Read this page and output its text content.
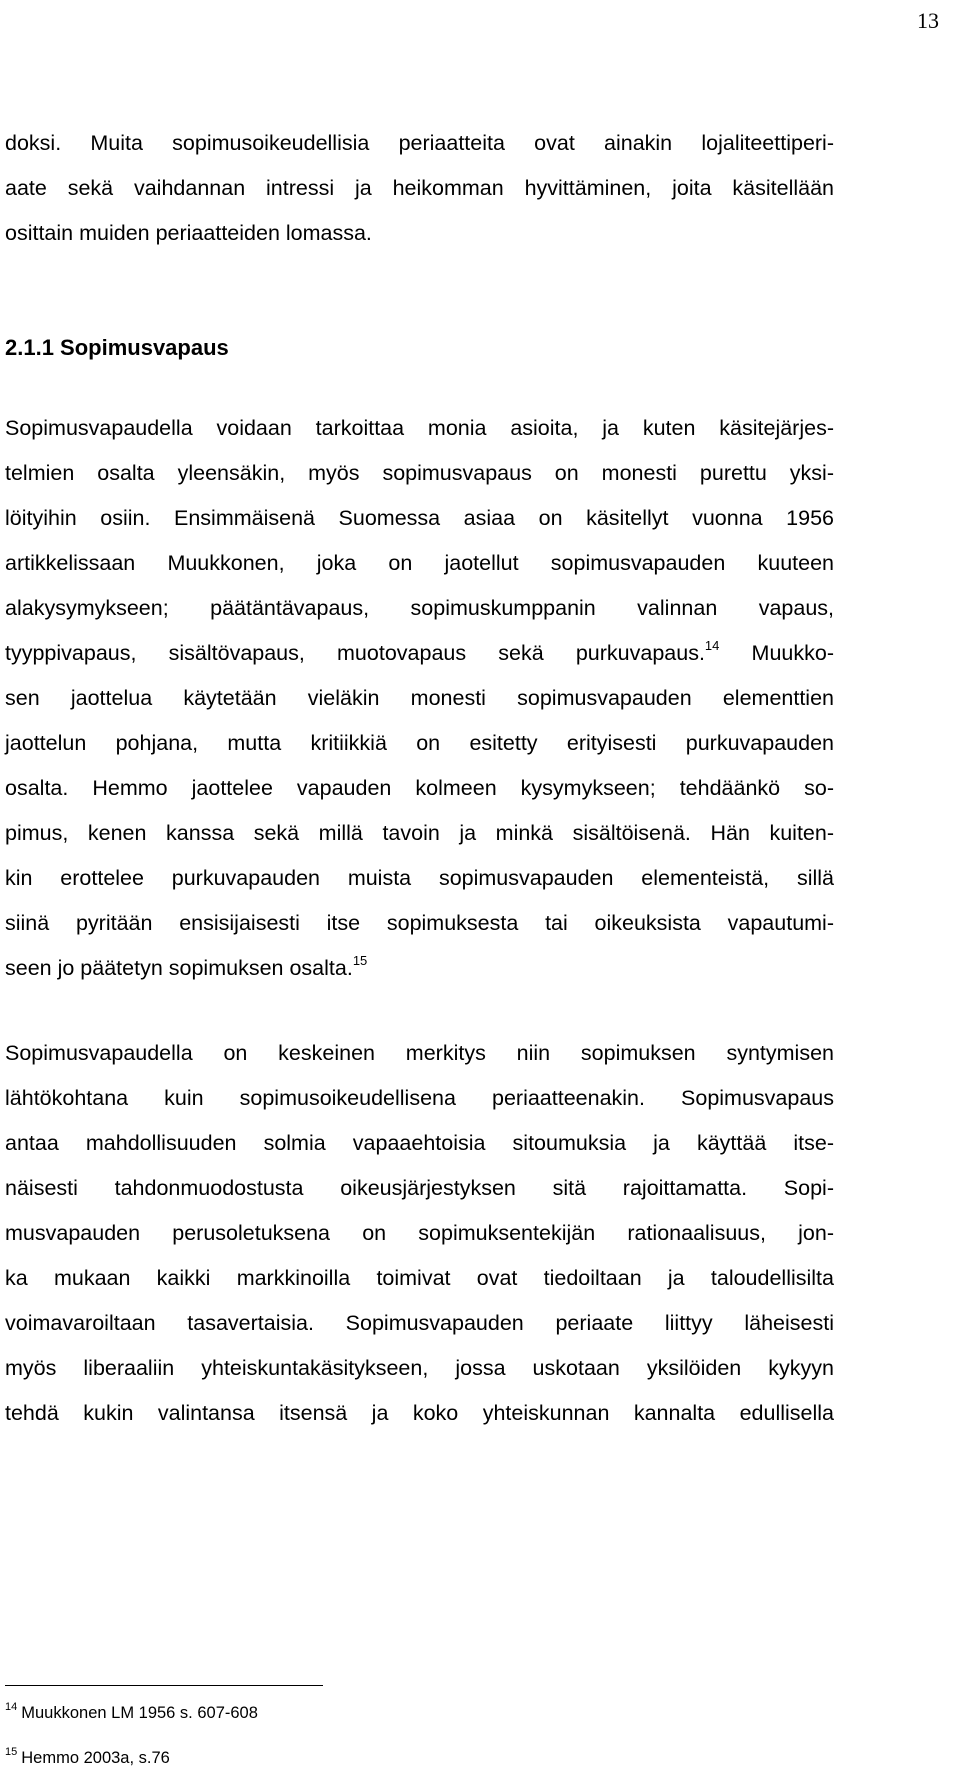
13
doksi. Muita sopimusoikeudellisia periaatteita ovat ainakin lojaliteettiperi-
aate sekä vaihdannan intressi ja heikomman hyvittäminen, joita käsitellään
osittain muiden periaatteiden lomassa.
2.1.1 Sopimusvapaus
Sopimusvapaudella voidaan tarkoittaa monia asioita, ja kuten käsitejärjes-
telmien osalta yleensäkin, myös sopimusvapaus on monesti purettu yksi-
löityihin osiin. Ensimmäisenä Suomessa asiaa on käsitellyt vuonna 1956
artikkelissaan Muukkonen, joka on jaotellut sopimusvapauden kuuteen
alakysymykseen; päätäntävapaus, sopimuskumppanin valinnan vapaus,
tyyppivapaus, sisältövapaus, muotovapaus sekä purkuvapaus.$^{14}$ Muukko-
sen jaottelua käytetään vieläkin monesti sopimusvapauden elementtien
jaottelun pohjana, mutta kritiikkiä on esitetty erityisesti purkuvapauden
osalta. Hemmo jaottelee vapauden kolmeen kysymykseen; tehdäänkö so-
pimus, kenen kanssa sekä millä tavoin ja minkä sisältöisenä. Hän kuiten-
kin erottelee purkuvapauden muista sopimusvapauden elementeistä, sillä
siinä pyritään ensisijaisesti itse sopimuksesta tai oikeuksista vapautumi-
seen jo päätetyn sopimuksen osalta.$^{15}$
Sopimusvapaudella on keskeinen merkitys niin sopimuksen syntymisen
lähtökohtana kuin sopimusoikeudellisena periaatteenakin. Sopimusvapaus
antaa mahdollisuuden solmia vapaaehtoisia sitoumuksia ja käyttää itse-
näisesti tahdonmuodostusta oikeusjärjestyksen sitä rajoittamatta. Sopi-
musvapauden perusoletuksena on sopimuksentekijän rationaalisuus, jon-
ka mukaan kaikki markkinoilla toimivat ovat tiedoiltaan ja taloudellisilta
voimavaroiltaan tasavertaisia. Sopimusvapauden periaate liittyy läheisesti
myös liberaaliin yhteiskuntakäsitykseen, jossa uskotaan yksilöiden kykyyn
tehdä kukin valintansa itsensä ja koko yhteiskunnan kannalta edullisella
$^{14}$ Muukkonen LM 1956 s. 607-608
$^{15}$ Hemmo 2003a, s.76
